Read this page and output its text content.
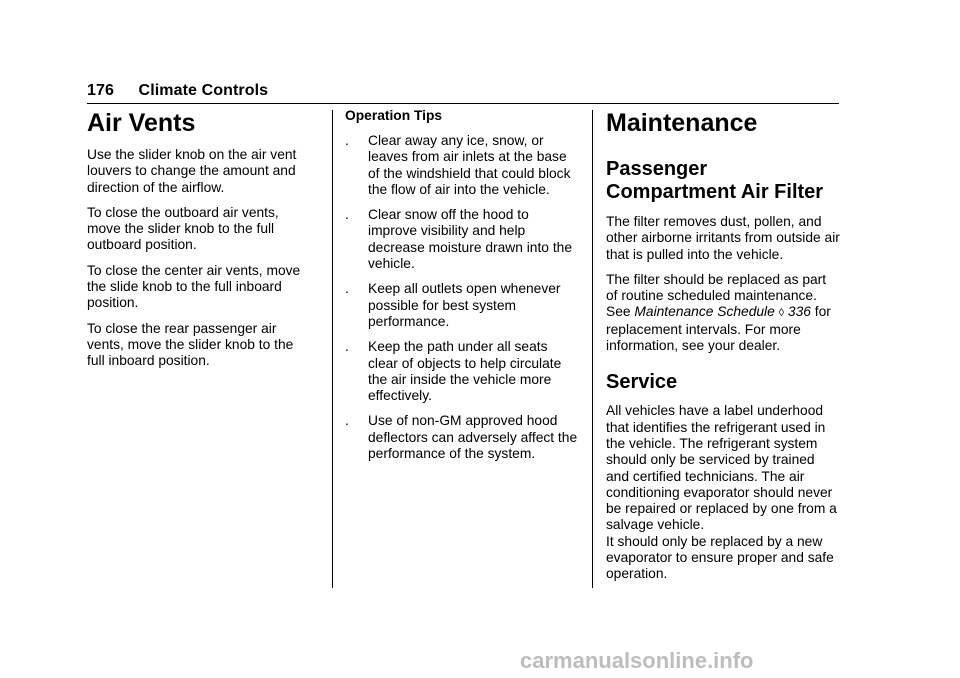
176 Climate Controls
Air Vents

Use the slider knob on the air vent louvers to change the amount and direction of the airflow.

To close the outboard air vents, move the slider knob to the full outboard position.

To close the center air vents, move the slide knob to the full inboard position.

To close the rear passenger air vents, move the slider knob to the full inboard position.

Operation Tips
.	Clear away any ice, snow, or leaves from air inlets at the base of the windshield that could block the flow of air into the vehicle.
.	Clear snow off the hood to improve visibility and help decrease moisture drawn into the vehicle.
.	Keep all outlets open whenever possible for best system performance.
.	Keep the path under all seats clear of objects to help circulate the air inside the vehicle more effectively.
.	Use of non-GM approved hood deflectors can adversely affect the performance of the system.
Maintenance
Passenger Compartment Air Filter

The filter removes dust, pollen, and other airborne irritants from outside air that is pulled into the vehicle.

The filter should be replaced as part of routine scheduled maintenance. See Maintenance Schedule ◊ 336 for replacement intervals. For more information, see your dealer.

Service

All vehicles have a label underhood that identifies the refrigerant used in the vehicle. The refrigerant system should only be serviced by trained and certified technicians. The air conditioning evaporator should never be repaired or replaced by one from a salvage vehicle.

It should only be replaced by a new evaporator to ensure proper and safe operation.

carmanualsonline.info
